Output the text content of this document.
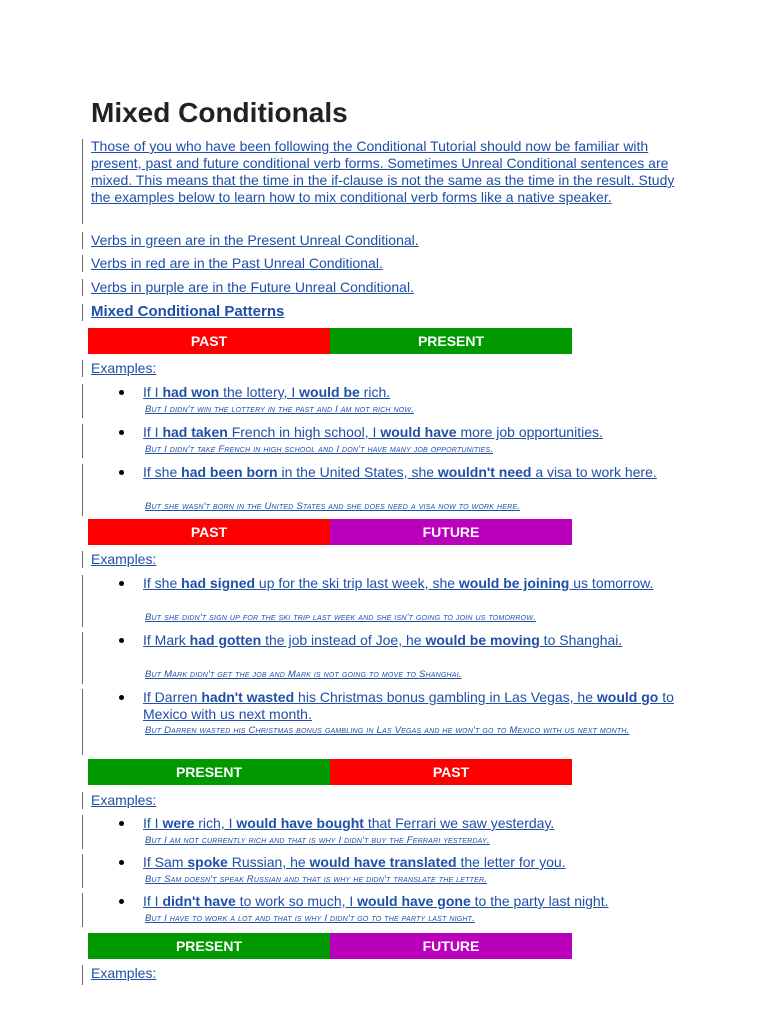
Mixed Conditionals
Those of you who have been following the Conditional Tutorial should now be familiar with present, past and future conditional verb forms. Sometimes Unreal Conditional sentences are mixed. This means that the time in the if-clause is not the same as the time in the result. Study the examples below to learn how to mix conditional verb forms like a native speaker.
Verbs in green are in the Present Unreal Conditional.
Verbs in red are in the Past Unreal Conditional.
Verbs in purple are in the Future Unreal Conditional.
Mixed Conditional Patterns
PAST	PRESENT
Examples:
If I had won the lottery, I would be rich.
But I didn't win the lottery in the past and I am not rich now.
If I had taken French in high school, I would have more job opportunities.
But I didn't take French in high school and I don't have many job opportunities.
If she had been born in the United States, she wouldn't need a visa to work here.
But she wasn't born in the United States and she does need a visa now to work here.
PAST	FUTURE
Examples:
If she had signed up for the ski trip last week, she would be joining us tomorrow.
But she didn't sign up for the ski trip last week and she isn't going to join us tomorrow.
If Mark had gotten the job instead of Joe, he would be moving to Shanghai.
But Mark didn't get the job and Mark is not going to move to Shanghai.
If Darren hadn't wasted his Christmas bonus gambling in Las Vegas, he would go to Mexico with us next month.
But Darren wasted his Christmas bonus gambling in Las Vegas and he won't go to Mexico with us next month.
PRESENT	PAST
Examples:
If I were rich, I would have bought that Ferrari we saw yesterday.
But I am not currently rich and that is why I didn't buy the Ferrari yesterday.
If Sam spoke Russian, he would have translated the letter for you.
But Sam doesn't speak Russian and that is why he didn't translate the letter.
If I didn't have to work so much, I would have gone to the party last night.
But I have to work a lot and that is why I didn't go to the party last night.
PRESENT	FUTURE
Examples:
